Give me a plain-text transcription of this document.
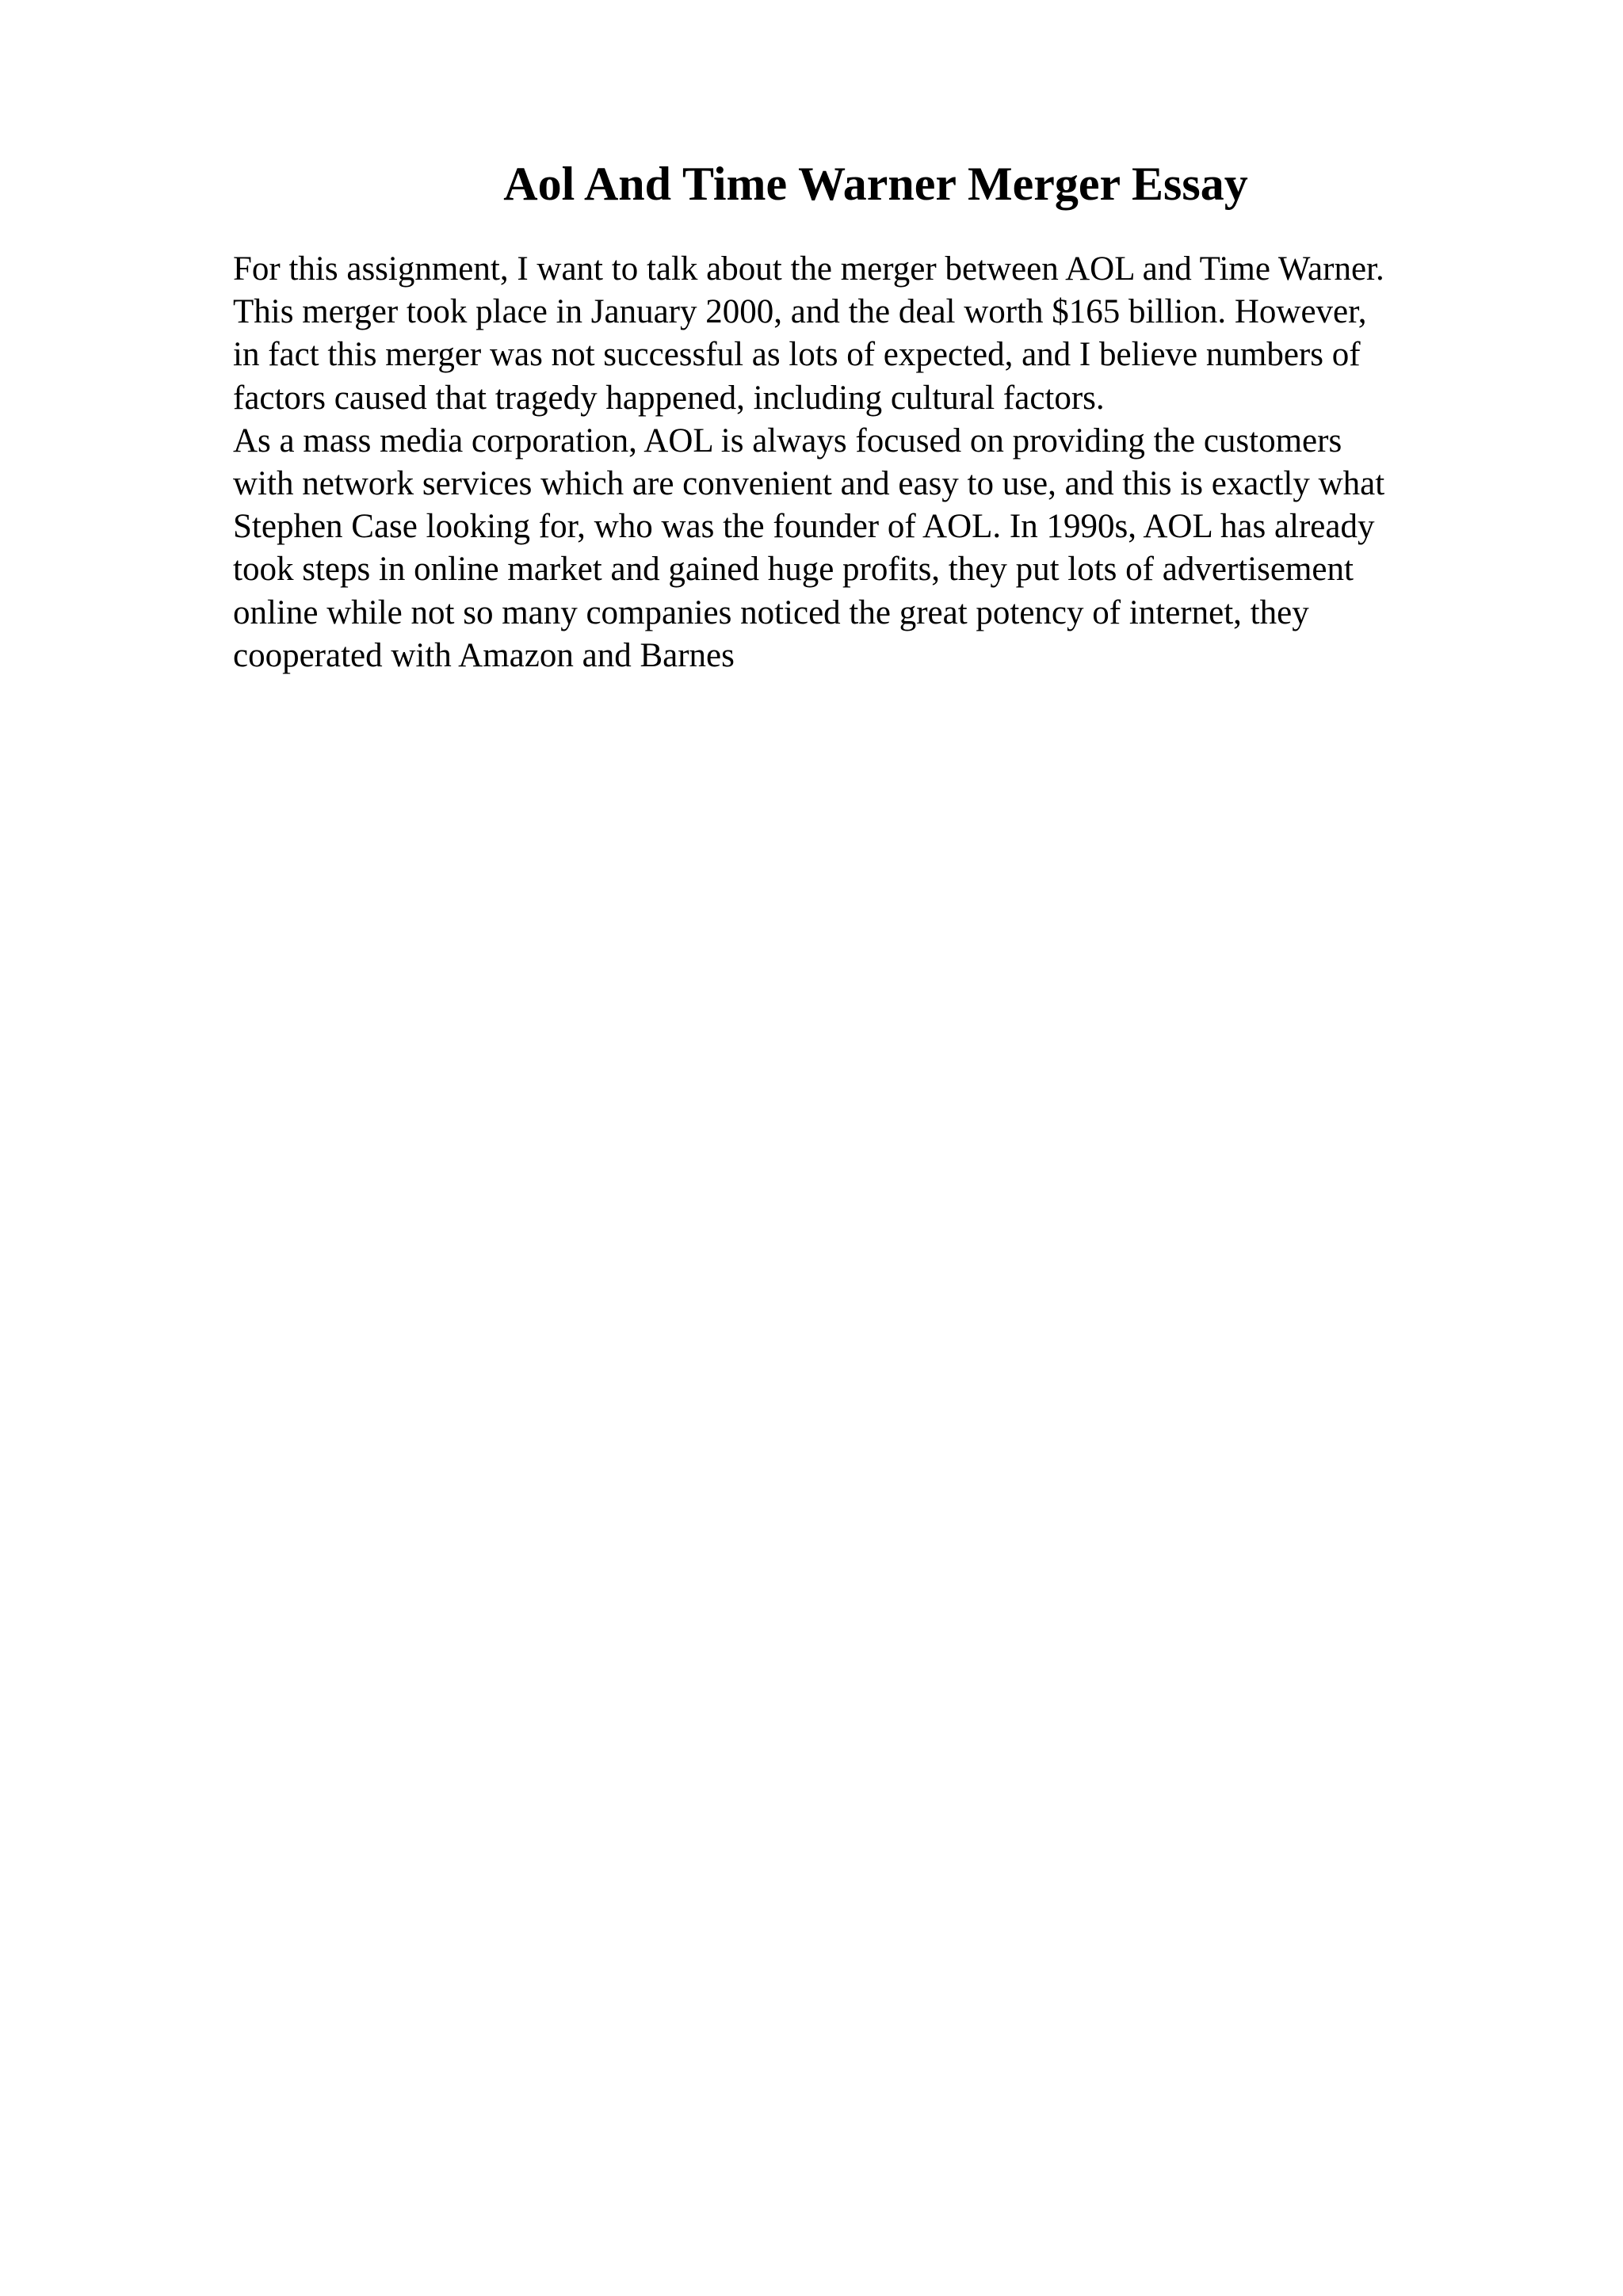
Aol And Time Warner Merger Essay

For this assignment, I want to talk about the merger between AOL and Time Warner.
This merger took place in January 2000, and the deal worth $165 billion. However,
in fact this merger was not successful as lots of expected, and I believe numbers of
factors caused that tragedy happened, including cultural factors.

As a mass media corporation, AOL is always focused on providing the customers
with network services which are convenient and easy to use, and this is exactly what
Stephen Case looking for, who was the founder of AOL. In 1990s, AOL has already
took steps in online market and gained huge profits, they put lots of advertisement
online while not so many companies noticed the great potency of internet, they
cooperated with Amazon and Barnes
